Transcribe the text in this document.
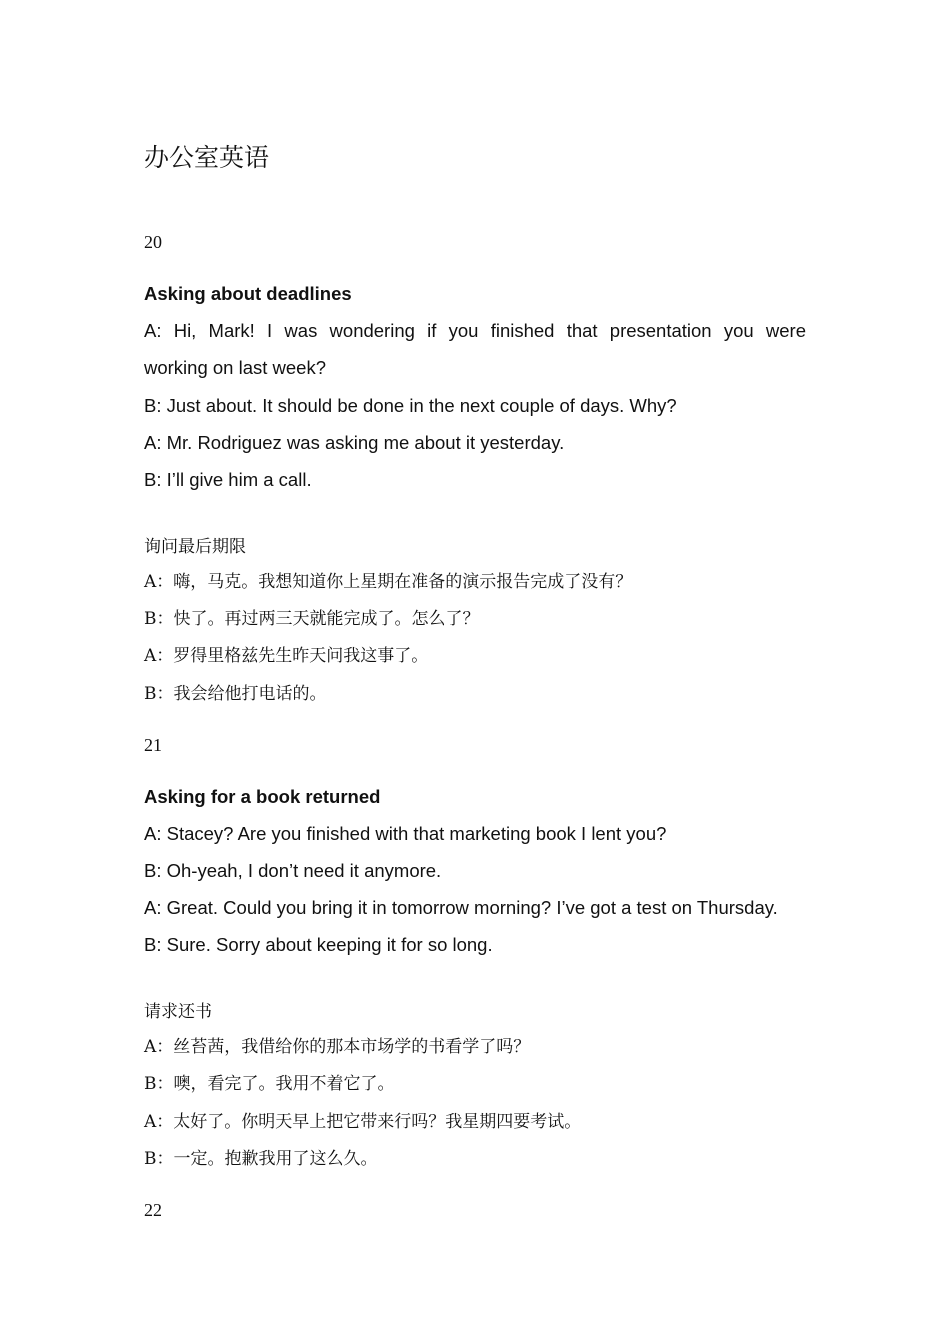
办公室英语
20
Asking about deadlines
A: Hi, Mark! I was wondering if you finished that presentation you were
working on last week?
B: Just about. It should be done in the next couple of days. Why?
A: Mr. Rodriguez was asking me about it yesterday.
B: I’ll give him a call.
询问最后期限
A：嗨，马克。我想知道你上星期在准备的演示报告完成了没有？
B：快了。再过两三天就能完成了。怎么了？
A：罗得里格兹先生昨天问我这事了。
B：我会给他打电话的。
21
Asking for a book returned
A: Stacey? Are you finished with that marketing book I lent you?
B: Oh-yeah, I don’t need it anymore.
A: Great. Could you bring it in tomorrow morning? I’ve got a test on Thursday.
B: Sure. Sorry about keeping it for so long.
请求还书
A：丝苔茜，我借给你的那本市场学的书看学了吗？
B：噢，看完了。我用不着它了。
A：太好了。你明天早上把它带来行吗？我星期四要考试。
B：一定。抱歉我用了这么久。
22
